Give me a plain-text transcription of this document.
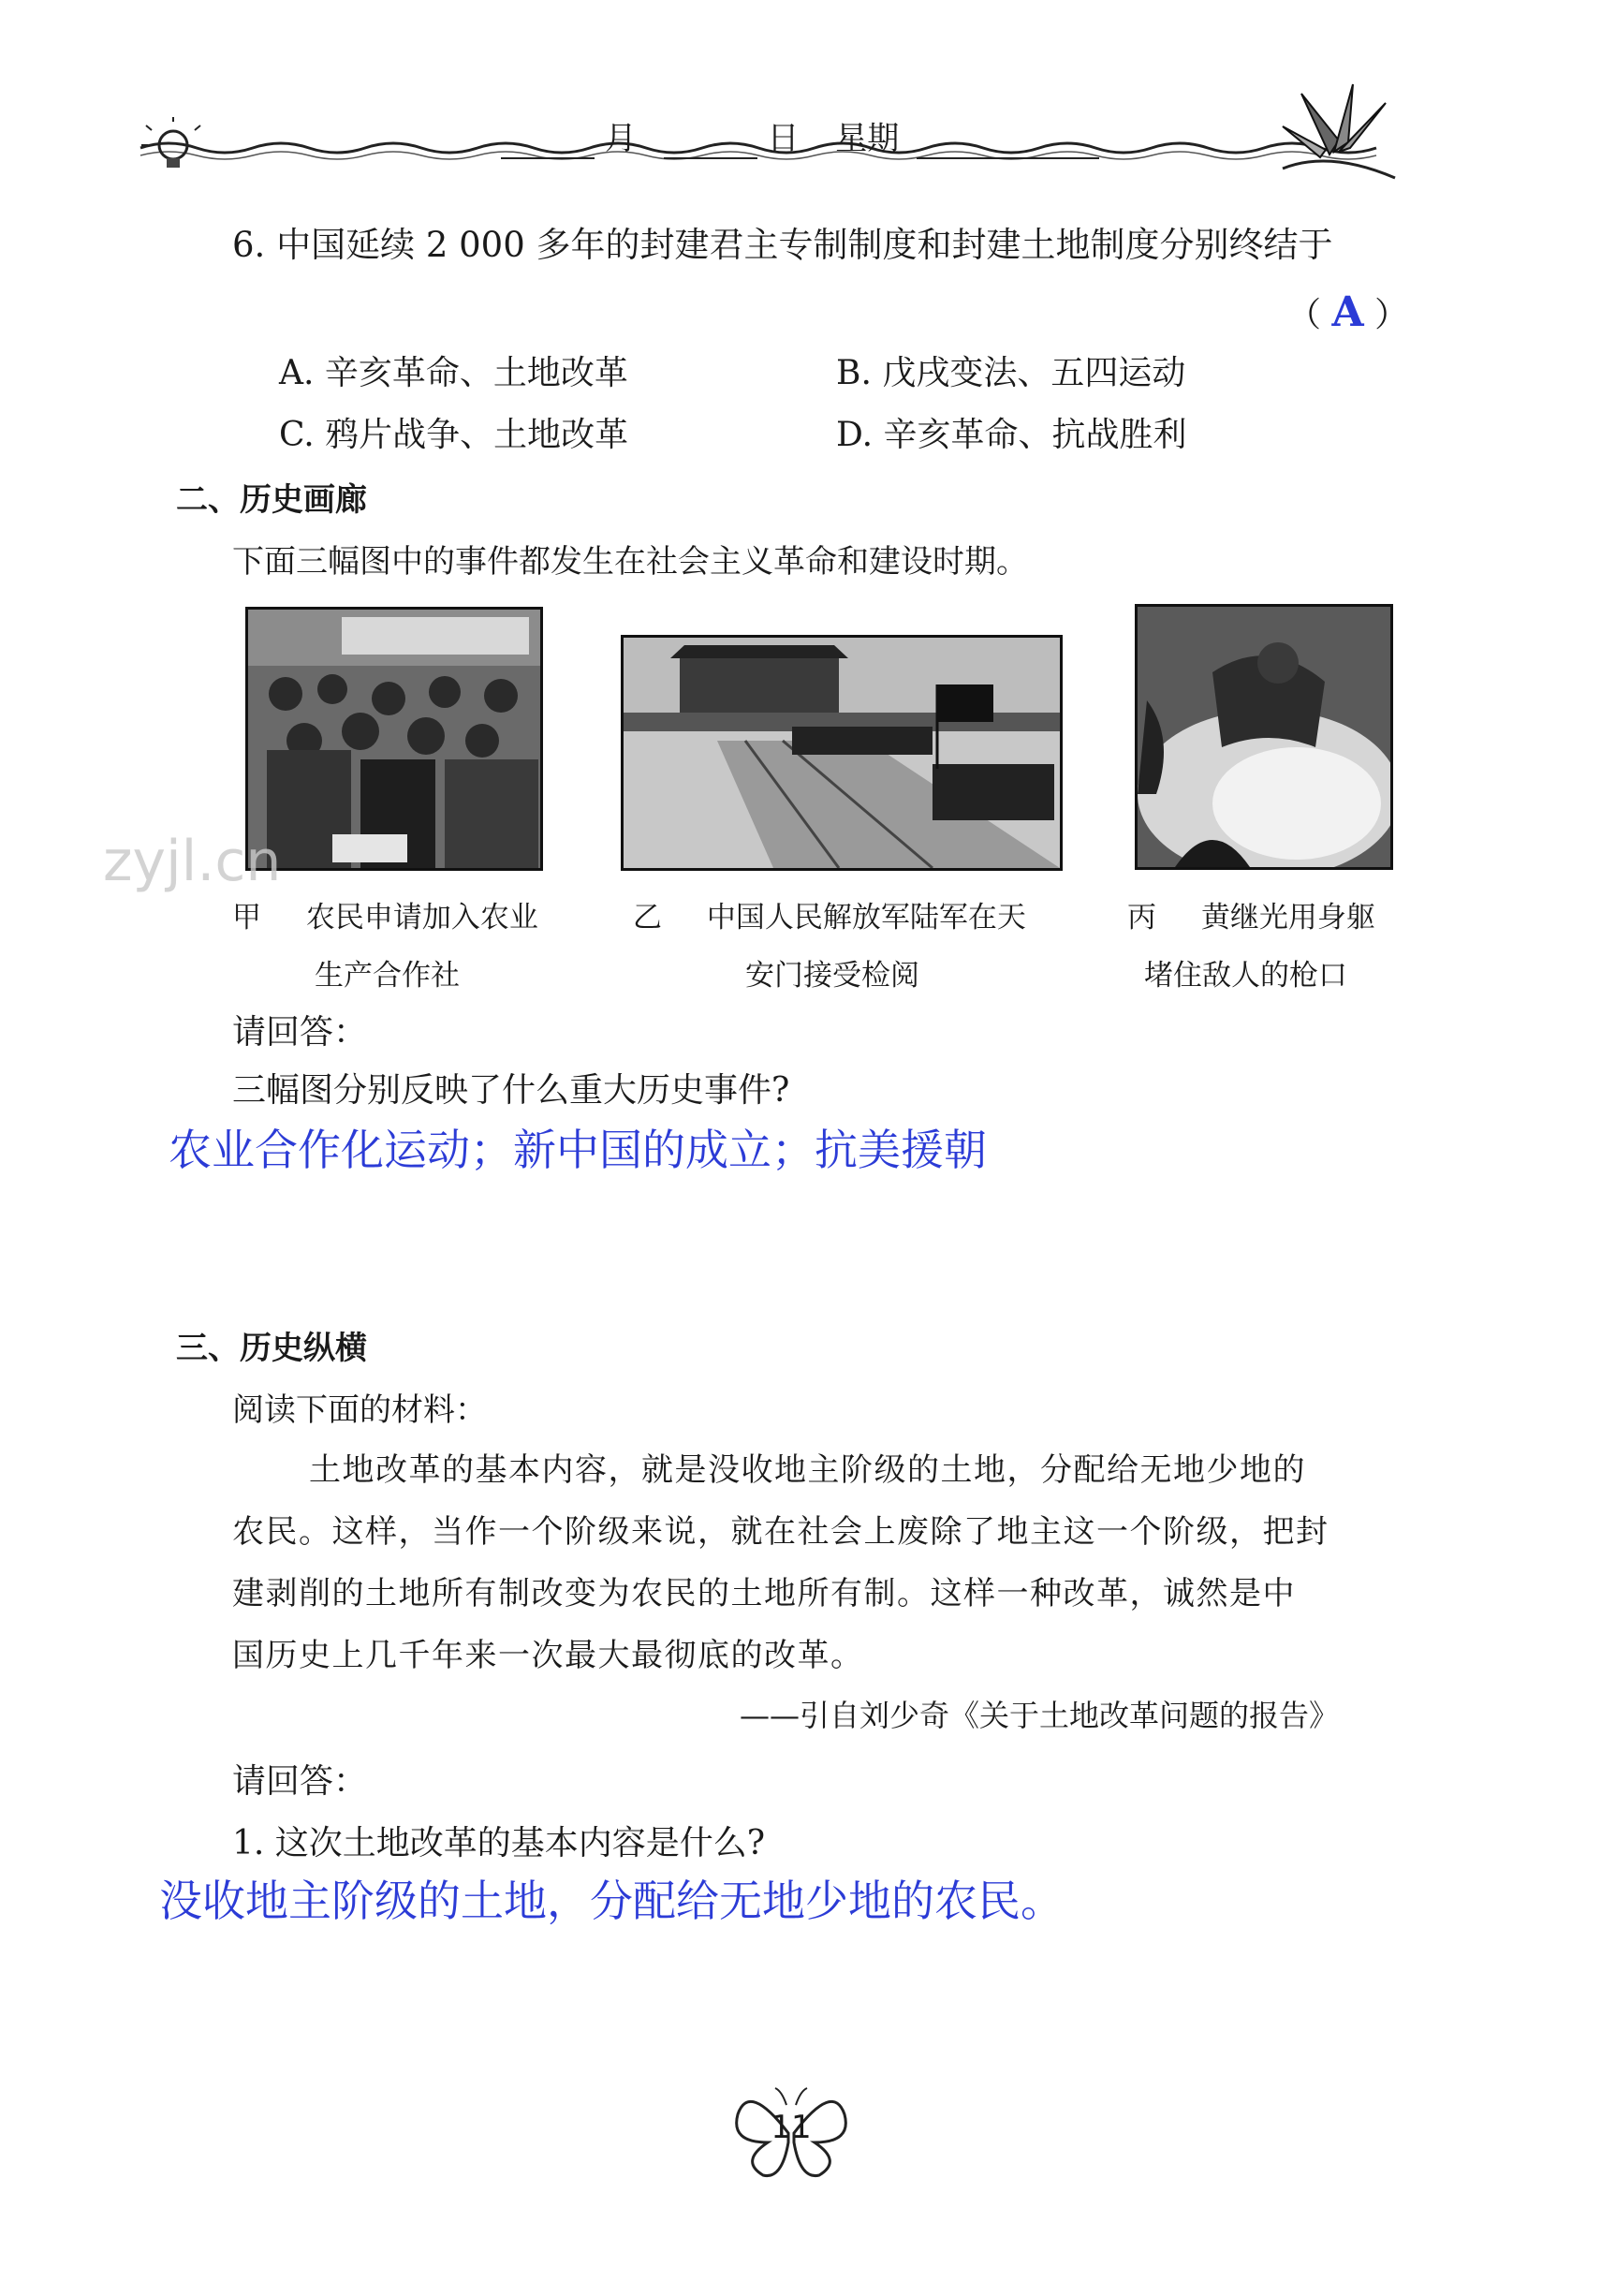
月	日 星期
6. 中国延续 2 000 多年的封建君主专制制度和封建土地制度分别终结于
（ A ）
A. 辛亥革命、土地改革	B. 戊戌变法、五四运动
C. 鸦片战争、土地改革	D. 辛亥革命、抗战胜利
二、历史画廊
下面三幅图中的事件都发生在社会主义革命和建设时期。
zyjl.cn
甲 农民申请加入农业
生产合作社
乙 中国人民解放军陆军在天
安门接受检阅
丙 黄继光用身躯
堵住敌人的枪口
请回答：
三幅图分别反映了什么重大历史事件?
农业合作化运动；新中国的成立；抗美援朝
三、历史纵横
阅读下面的材料：
土地改革的基本内容，就是没收地主阶级的土地，分配给无地少地的
农民。这样，当作一个阶级来说，就在社会上废除了地主这一个阶级，把封
建剥削的土地所有制改变为农民的土地所有制。这样一种改革，诚然是中
国历史上几千年来一次最大最彻底的改革。
——引自刘少奇《关于土地改革问题的报告》
请回答：
1. 这次土地改革的基本内容是什么?
没收地主阶级的土地，分配给无地少地的农民。
11
